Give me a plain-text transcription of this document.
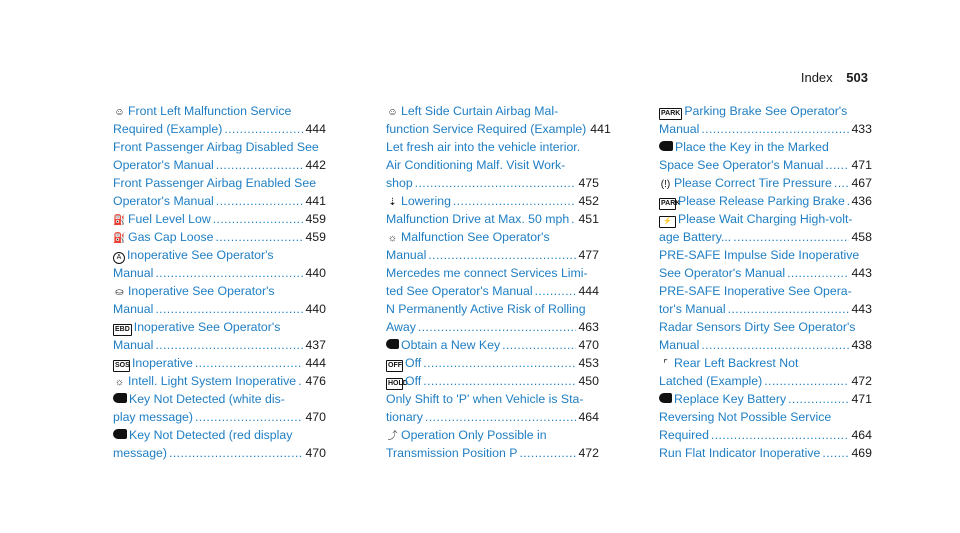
Index 503
☺ Front Left Malfunction Service
Required (Example) .....	444
Front Passenger Airbag Disabled See
Operator's Manual .....	442
Front Passenger Airbag Enabled See
Operator's Manual .....	441
⛽ Fuel Level Low .....	459
⛽ Gas Cap Loose .....	459
A Inoperative See Operator's
Manual .....	440
⛀ Inoperative See Operator's
Manual .....	440
EBD Inoperative See Operator's
Manual .....	437
SOS Inoperative .....	444
☼ Intell. Light System Inoperative ..... 476
Key Not Detected (white dis-
play message) .....	470
Key Not Detected (red display
message) .....	470
☺ Left Side Curtain Airbag Mal-
function Service Required (Example) 441
Let fresh air into the vehicle interior.
Air Conditioning Malf. Visit Work-
shop .....	475
⇣ Lowering .....	452
Malfunction Drive at Max. 50 mph ..... 451
☼ Malfunction See Operator's
Manual .....	477
Mercedes me connect Services Limi-
ted See Operator's Manual .....	444
N Permanently Active Risk of Rolling
Away .....	463
Obtain a New Key .....	470
OFF Off .....	453
HOLD
Off .....	450
Only Shift to 'P' when Vehicle is Sta-
tionary .....	464
⤴ Operation Only Possible in
Transmission Position P .....	472
PARK Parking Brake See Operator's
Manual .....	433
Place the Key in the Marked
Space See Operator's Manual ..... 471
(!) Please Correct Tire Pressure ..... 467
PARK
Please Release Parking Brake ..... 436
⚡ Please Wait Charging High-volt-
age Battery... .....	458
PRE-SAFE Impulse Side Inoperative
See Operator's Manual .....	443
PRE-SAFE Inoperative See Opera-
tor's Manual .....	443
Radar Sensors Dirty See Operator's
Manual .....	438
⌜ Rear Left Backrest Not
Latched (Example) .....	472
Replace Key Battery .....	471
Reversing Not Possible Service
Required .....	464
Run Flat Indicator Inoperative .....	469
